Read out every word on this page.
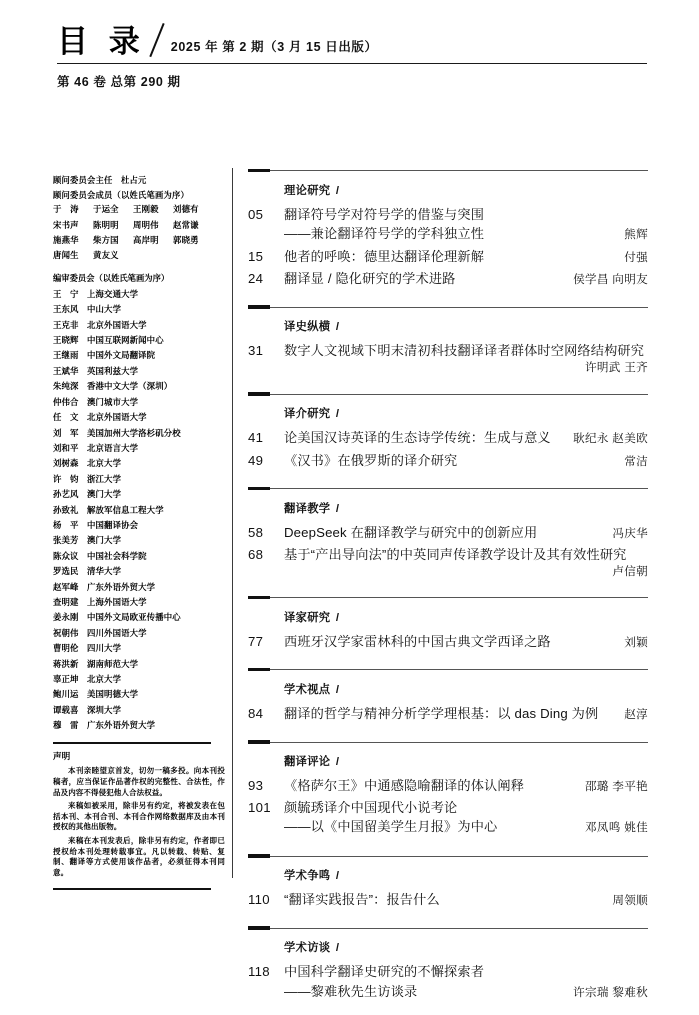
目 录 2025 年 第 2 期（3 月 15 日出版）
第 46 卷 总第 290 期
顾问委员会主任　杜占元
顾问委员会成员（以姓氏笔画为序）
于　涛	于运全	王刚毅	刘德有
宋书声	陈明明	周明伟	赵常谦
施燕华	柴方国	高岸明	郭晓勇
唐闻生	黄友义
编审委员会（以姓氏笔画为序）
王　宁	上海交通大学
王东风	中山大学
王克非	北京外国语大学
王晓辉	中国互联网新闻中心
王继雨	中国外文局翻译院
王斌华	英国利兹大学
朱纯深	香港中文大学（深圳）
仲伟合	澳门城市大学
任　文	北京外国语大学
刘　军	美国加州大学洛杉矶分校
刘和平	北京语言大学
刘树森	北京大学
许　钧	浙江大学
孙艺风	澳门大学
孙致礼	解放军信息工程大学
杨　平	中国翻译协会
张美芳	澳门大学
陈众议	中国社会科学院
罗选民	清华大学
赵军峰	广东外语外贸大学
查明建	上海外国语大学
姜永刚	中国外文局欧亚传播中心
祝朝伟	四川外国语大学
曹明伦	四川大学
蒋洪新	湖南师范大学
辜正坤	北京大学
鲍川运	美国明德大学
谭载喜	深圳大学
穆　雷	广东外语外贸大学
声明

本刊亲睦望京首发，切勿一稿多投。向本刊投稿者，应当保证作品著作权的完整性、合法性，作品及内容不得侵犯他人合法权益。

来稿如被采用，除非另有约定，将被发表在包括本刊、本刊合刊、本刊合作网络数据库及由本刊授权的其他出版物。

来稿在本刊发表后，除非另有约定，作者即已授权给本刊处理转载事宜。凡以转载、转贴、复制、翻译等方式使用该作品者，必须征得本刊同意。

理论研究 /
05	翻译符号学对符号学的借鉴与突围
——兼论翻译符号学的学科独立性	熊辉
15	他者的呼唤：德里达翻译伦理新解	付强
24	翻译显 / 隐化研究的学术进路	侯学昌 向明友
译史纵横 /
31	数字人文视域下明末清初科技翻译译者群体时空网络结构研究
许明武 王齐
译介研究 /
41	论美国汉诗英译的生态诗学传统：生成与意义 耿纪永 赵美欧
49	《汉书》在俄罗斯的译介研究	常洁
翻译教学 /
58	DeepSeek 在翻译教学与研究中的创新应用	冯庆华
68	基于“产出导向法”的中英同声传译教学设计及其有效性研究
卢信朝
译家研究 /
77	西班牙汉学家雷林科的中国古典文学西译之路	刘颖
学术视点 /
84	翻译的哲学与精神分析学学理根基：以 das Ding 为例 赵淳
翻译评论 /
93	《格萨尔王》中通感隐喻翻译的体认阐释	邵璐 李平艳
101 颜毓琇译介中国现代小说考论
——以《中国留美学生月报》为中心	邓凤鸣 姚佳
学术争鸣 /
110	“翻译实践报告”：报告什么	周领顺
学术访谈 /
118	中国科学翻译史研究的不懈探索者
——黎难秋先生访谈录	许宗瑞 黎难秋
